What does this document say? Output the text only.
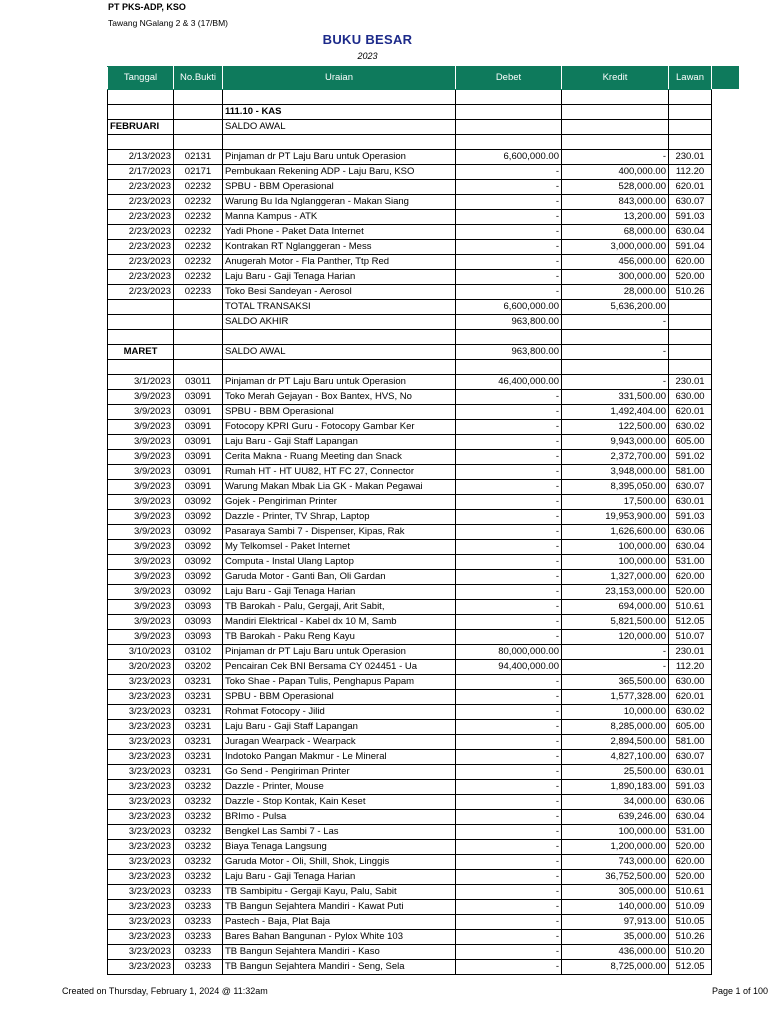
PT PKS-ADP, KSO
Tawang NGalang 2 & 3 (17/BM)
BUKU BESAR
2023
Tanggal	No.Bukti	Uraian	Debet	Kredit	Lawan

		111.10 - KAS			
FEBRUARI		SALDO AWAL			

2/13/2023	02131	Pinjaman dr PT Laju Baru untuk Operasion	6,600,000.00	-	230.01
2/17/2023	02171	Pembukaan Rekening ADP - Laju Baru, KSO	-	400,000.00	112.20
2/23/2023	02232	SPBU - BBM Operasional	-	528,000.00	620.01
2/23/2023	02232	Warung Bu Ida Nglanggeran - Makan Siang	-	843,000.00	630.07
2/23/2023	02232	Manna Kampus - ATK	-	13,200.00	591.03
2/23/2023	02232	Yadi Phone - Paket Data Internet	-	68,000.00	630.04
2/23/2023	02232	Kontrakan RT Nglanggeran - Mess	-	3,000,000.00	591.04
2/23/2023	02232	Anugerah Motor - Fla Panther, Ttp Red	-	456,000.00	620.00
2/23/2023	02232	Laju Baru - Gaji Tenaga Harian	-	300,000.00	520.00
2/23/2023	02233	Toko Besi Sandeyan - Aerosol	-	28,000.00	510.26
		TOTAL TRANSAKSI	6,600,000.00	5,636,200.00	
		SALDO AKHIR	963,800.00	-	

MARET		SALDO AWAL	963,800.00	-	

3/1/2023	03011	Pinjaman dr PT Laju Baru untuk Operasion	46,400,000.00	-	230.01
3/9/2023	03091	Toko Merah Gejayan - Box Bantex, HVS, No	-	331,500.00	630.00
3/9/2023	03091	SPBU - BBM Operasional	-	1,492,404.00	620.01
3/9/2023	03091	Fotocopy KPRI Guru - Fotocopy Gambar Ker	-	122,500.00	630.02
3/9/2023	03091	Laju Baru - Gaji Staff Lapangan	-	9,943,000.00	605.00
3/9/2023	03091	Cerita Makna - Ruang Meeting dan Snack	-	2,372,700.00	591.02
3/9/2023	03091	Rumah HT - HT UU82, HT FC 27, Connector	-	3,948,000.00	581.00
3/9/2023	03091	Warung Makan Mbak Lia GK - Makan Pegawai	-	8,395,050.00	630.07
3/9/2023	03092	Gojek - Pengiriman Printer	-	17,500.00	630.01
3/9/2023	03092	Dazzle - Printer, TV Shrap, Laptop	-	19,953,900.00	591.03
3/9/2023	03092	Pasaraya Sambi 7 - Dispenser, Kipas, Rak	-	1,626,600.00	630.06
3/9/2023	03092	My Telkomsel - Paket Internet	-	100,000.00	630.04
3/9/2023	03092	Computa - Instal Ulang Laptop	-	100,000.00	531.00
3/9/2023	03092	Garuda Motor - Ganti Ban, Oli Gardan	-	1,327,000.00	620.00
3/9/2023	03092	Laju Baru - Gaji Tenaga Harian	-	23,153,000.00	520.00
3/9/2023	03093	TB Barokah - Palu, Gergaji, Arit Sabit,	-	694,000.00	510.61
3/9/2023	03093	Mandiri Elektrical - Kabel dx 10 M, Samb	-	5,821,500.00	512.05
3/9/2023	03093	TB Barokah - Paku Reng Kayu	-	120,000.00	510.07
3/10/2023	03102	Pinjaman dr PT Laju Baru untuk Operasion	80,000,000.00	-	230.01
3/20/2023	03202	Pencairan Cek BNI Bersama CY 024451 - Ua	94,400,000.00	-	112.20
3/23/2023	03231	Toko Shae - Papan Tulis, Penghapus Papam	-	365,500.00	630.00
3/23/2023	03231	SPBU - BBM Operasional	-	1,577,328.00	620.01
3/23/2023	03231	Rohmat Fotocopy - Jilid	-	10,000.00	630.02
3/23/2023	03231	Laju Baru - Gaji Staff Lapangan	-	8,285,000.00	605.00
3/23/2023	03231	Juragan Wearpack - Wearpack	-	2,894,500.00	581.00
3/23/2023	03231	Indotoko Pangan Makmur - Le Mineral	-	4,827,100.00	630.07
3/23/2023	03231	Go Send - Pengiriman Printer	-	25,500.00	630.01
3/23/2023	03232	Dazzle - Printer, Mouse	-	1,890,183.00	591.03
3/23/2023	03232	Dazzle - Stop Kontak, Kain Keset	-	34,000.00	630.06
3/23/2023	03232	BRImo - Pulsa	-	639,246.00	630.04
3/23/2023	03232	Bengkel Las Sambi 7 - Las	-	100,000.00	531.00
3/23/2023	03232	Biaya Tenaga Langsung	-	1,200,000.00	520.00
3/23/2023	03232	Garuda Motor - Oli, Shill, Shok, Linggis	-	743,000.00	620.00
3/23/2023	03232	Laju Baru - Gaji Tenaga Harian	-	36,752,500.00	520.00
3/23/2023	03233	TB Sambipitu - Gergaji Kayu, Palu, Sabit	-	305,000.00	510.61
3/23/2023	03233	TB Bangun Sejahtera Mandiri - Kawat Puti	-	140,000.00	510.09
3/23/2023	03233	Pastech - Baja, Plat Baja	-	97,913.00	510.05
3/23/2023	03233	Bares Bahan Bangunan - Pylox White 103	-	35,000.00	510.26
3/23/2023	03233	TB Bangun Sejahtera Mandiri - Kaso	-	436,000.00	510.20
3/23/2023	03233	TB Bangun Sejahtera Mandiri - Seng, Sela	-	8,725,000.00	512.05
Created on Thursday, February 1, 2024 @ 11:32am	Page 1 of 100
